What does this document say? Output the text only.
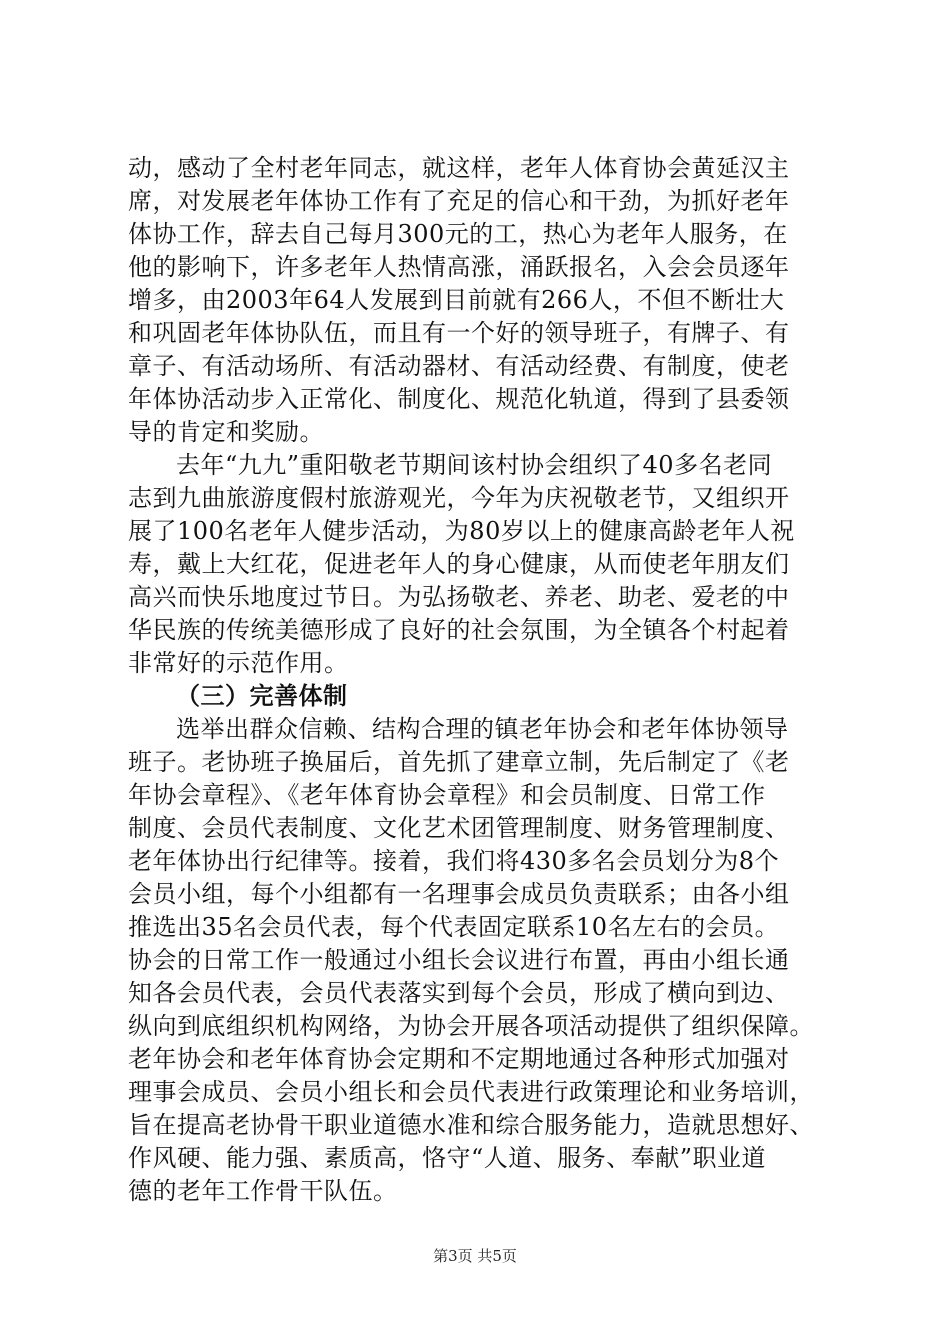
动，感动了全村老年同志，就这样，老年人体育协会黄延汉主
席，对发展老年体协工作有了充足的信心和干劲，为抓好老年
体协工作，辞去自己每月300元的工，热心为老年人服务，在
他的影响下，许多老年人热情高涨，涌跃报名，入会会员逐年
增多，由2003年64人发展到目前就有266人，不但不断壮大
和巩固老年体协队伍，而且有一个好的领导班子，有牌子、有
章子、有活动场所、有活动器材、有活动经费、有制度，使老
年体协活动步入正常化、制度化、规范化轨道，得到了县委领
导的肯定和奖励。
去年“九九”重阳敬老节期间该村协会组织了40多名老同
志到九曲旅游度假村旅游观光，今年为庆祝敬老节，又组织开
展了100名老年人健步活动，为80岁以上的健康高龄老年人祝
寿，戴上大红花，促进老年人的身心健康，从而使老年朋友们
高兴而快乐地度过节日。为弘扬敬老、养老、助老、爱老的中
华民族的传统美德形成了良好的社会氛围，为全镇各个村起着
非常好的示范作用。
（三）完善体制
选举出群众信赖、结构合理的镇老年协会和老年体协领导
班子。老协班子换届后，首先抓了建章立制，先后制定了《老
年协会章程》、《老年体育协会章程》和会员制度、日常工作
制度、会员代表制度、文化艺术团管理制度、财务管理制度、
老年体协出行纪律等。接着，我们将430多名会员划分为8个
会员小组，每个小组都有一名理事会成员负责联系；由各小组
推选出35名会员代表，每个代表固定联系10名左右的会员。
协会的日常工作一般通过小组长会议进行布置，再由小组长通
知各会员代表，会员代表落实到每个会员，形成了横向到边、
纵向到底组织机构网络，为协会开展各项活动提供了组织保障。
老年协会和老年体育协会定期和不定期地通过各种形式加强对
理事会成员、会员小组长和会员代表进行政策理论和业务培训，
旨在提高老协骨干职业道德水准和综合服务能力，造就思想好、
作风硬、能力强、素质高，恪守“人道、服务、奉献”职业道
德的老年工作骨干队伍。
第3页 共5页
